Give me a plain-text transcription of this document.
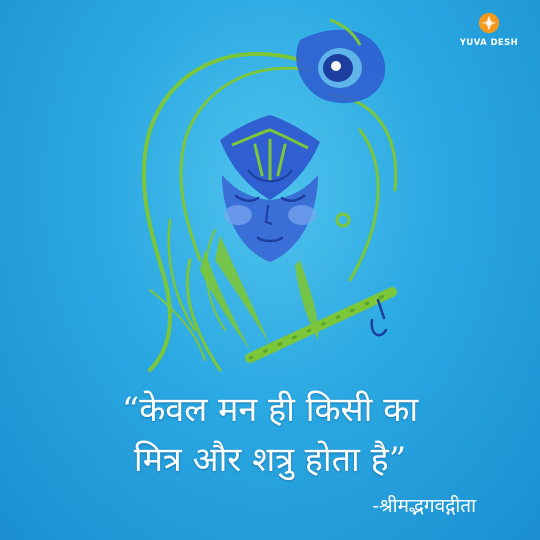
YUVA DESH
“केवल मन ही किसी का
मित्र और शत्रु होता है”
-श्रीमद्भगवद्गीता
